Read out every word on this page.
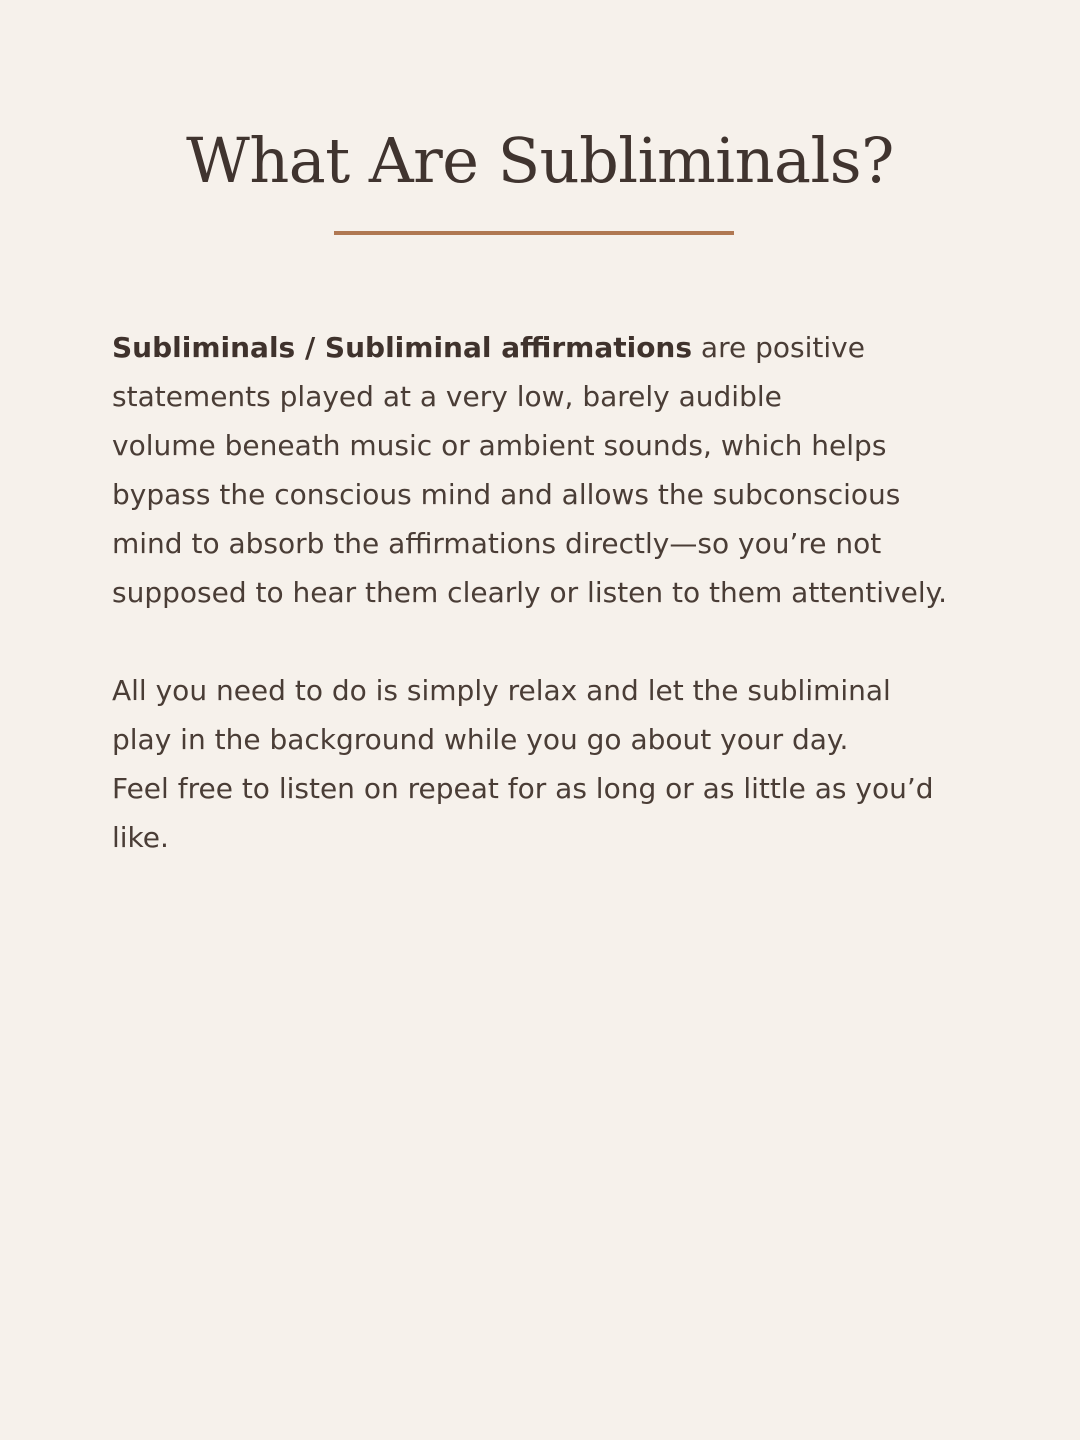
What Are Subliminals?

Subliminals / Subliminal affirmations are positive
statements played at a very low, barely audible
volume beneath music or ambient sounds, which helps
bypass the conscious mind and allows the subconscious
mind to absorb the affirmations directly—so you’re not
supposed to hear them clearly or listen to them attentively.

All you need to do is simply relax and let the subliminal
play in the background while you go about your day.
Feel free to listen on repeat for as long or as little as you’d
like.
